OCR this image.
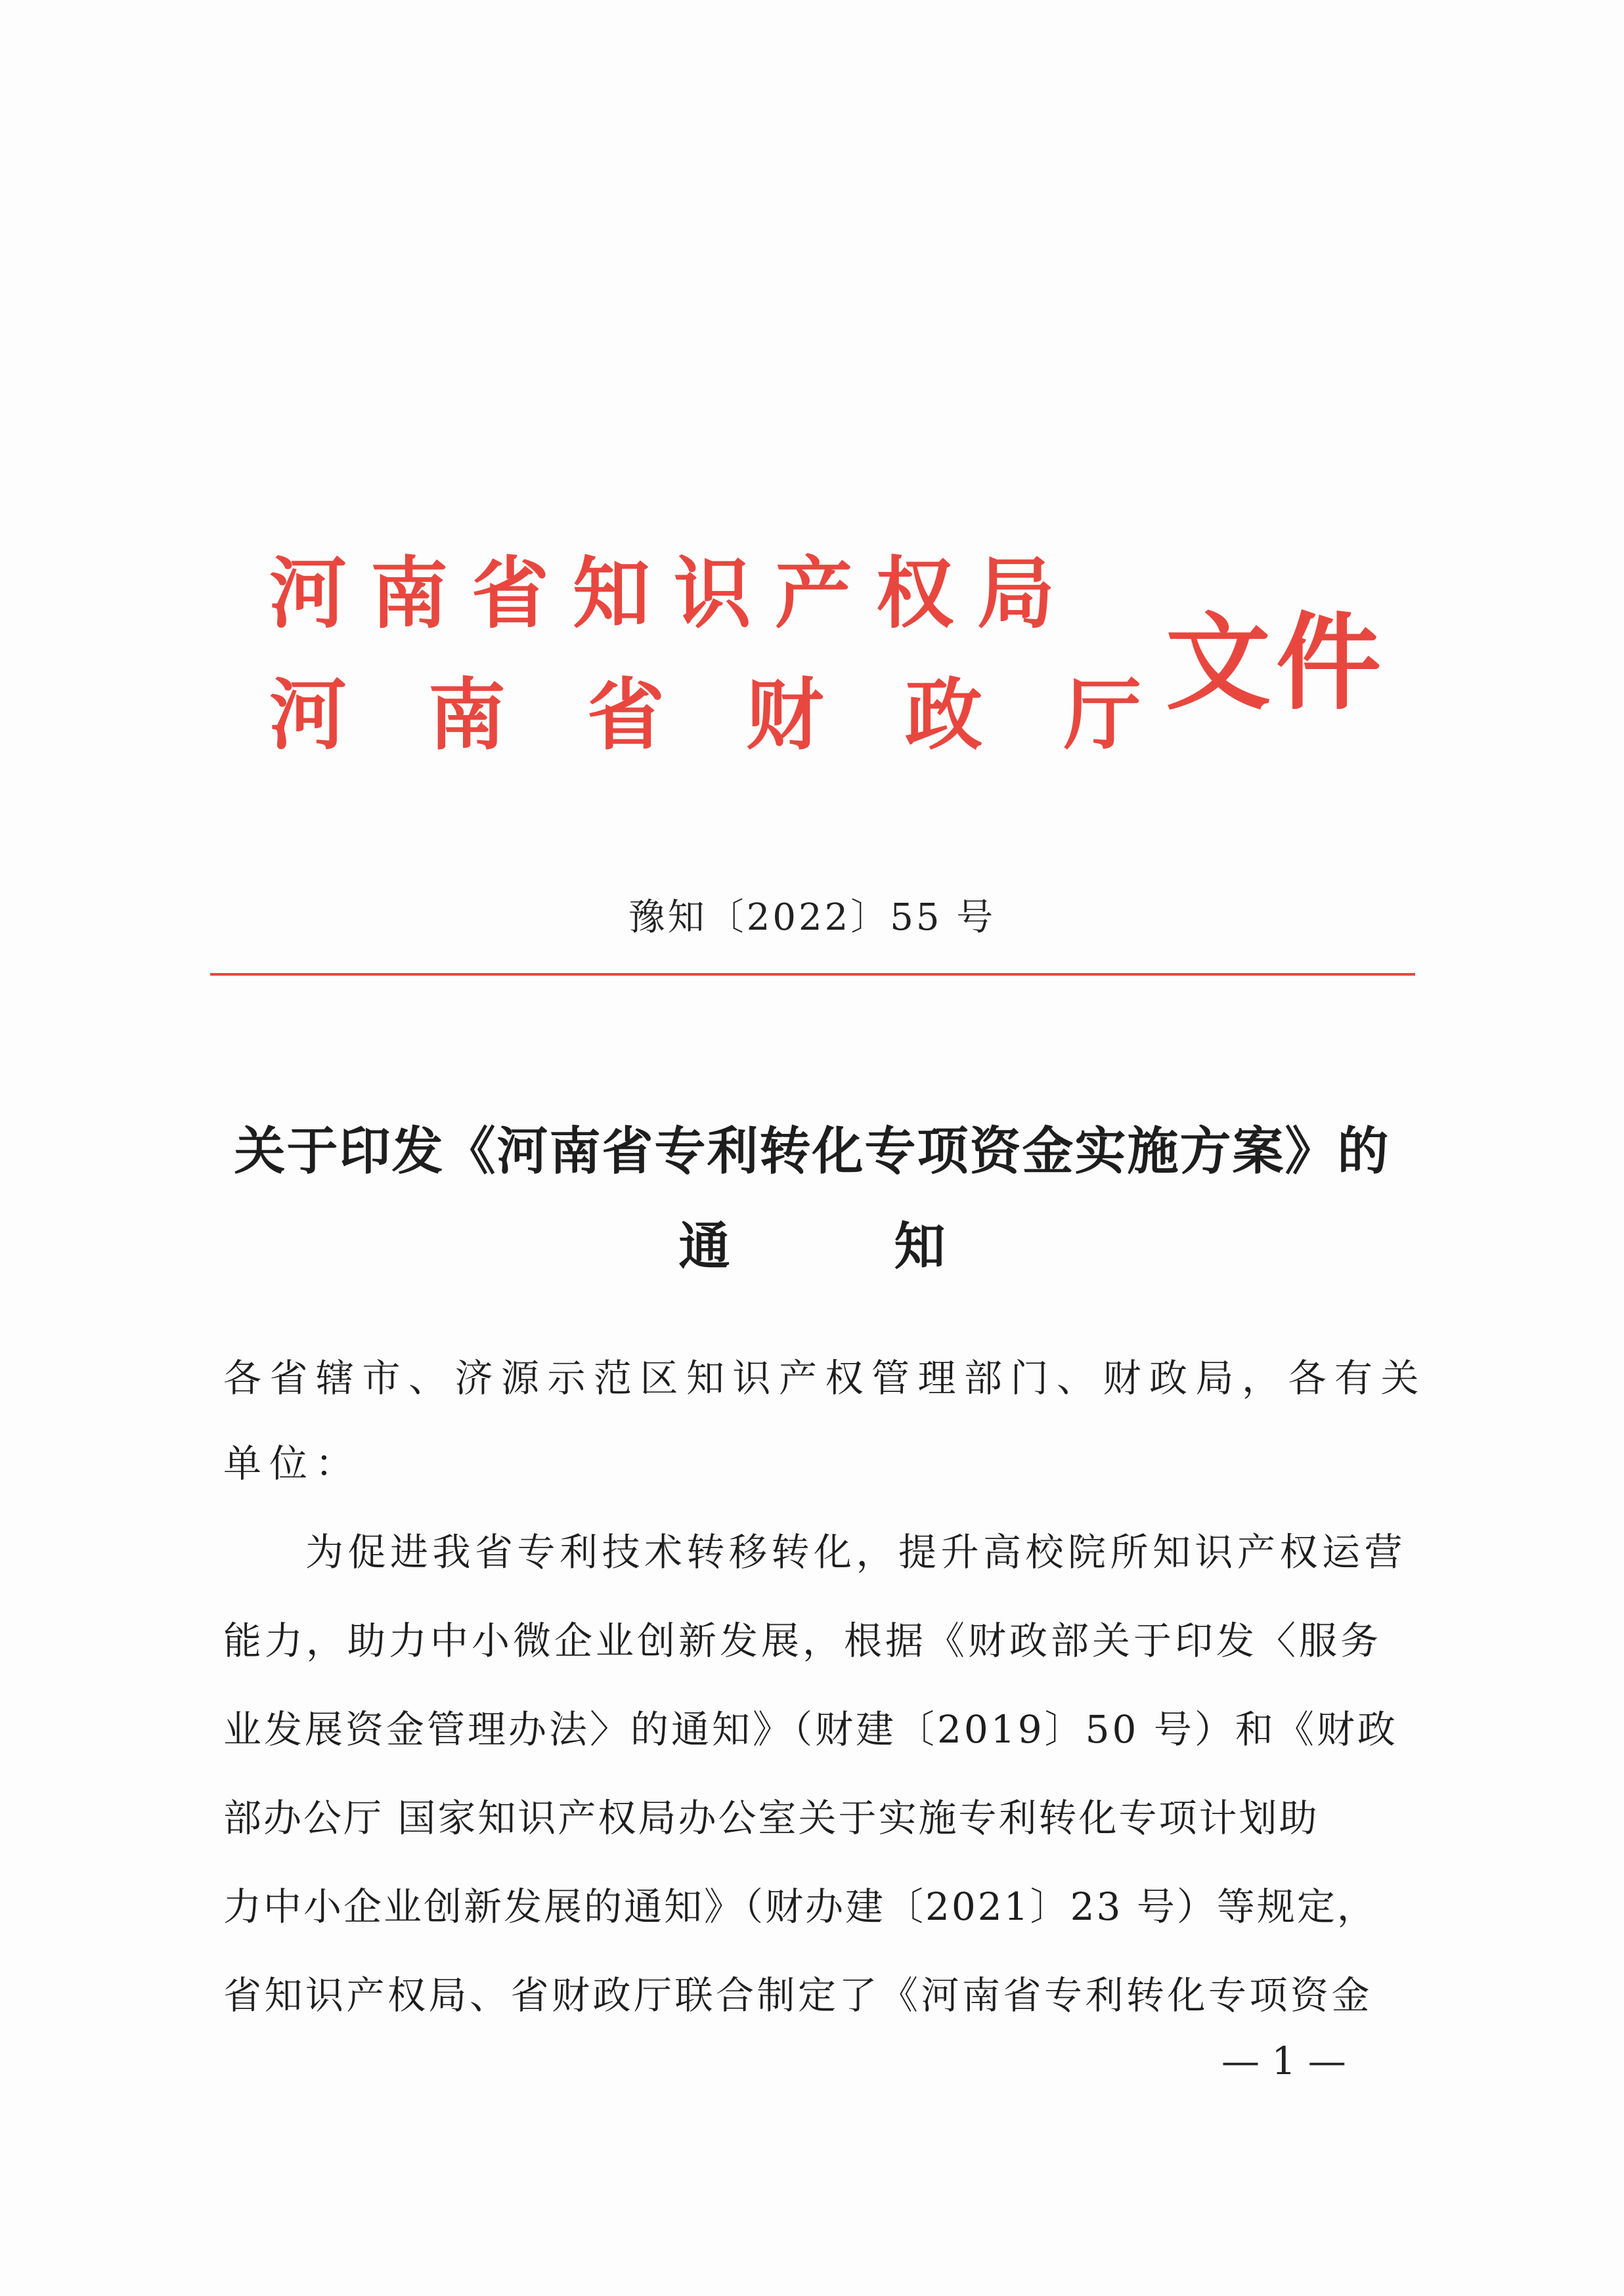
河南省知识产权局
河南省财政厅
文件
豫知〔2022〕55 号
关于印发《河南省专利转化专项资金实施方案》的
通知
各省辖市、济源示范区知识产权管理部门、财政局，各有关
单位：
为促进我省专利技术转移转化，提升高校院所知识产权运营
能力，助力中小微企业创新发展，根据《财政部关于印发〈服务
业发展资金管理办法〉的通知》（财建〔2019〕50 号）和《财政
部办公厅 国家知识产权局办公室关于实施专利转化专项计划助
力中小企业创新发展的通知》（财办建〔2021〕23 号）等规定，
省知识产权局、省财政厅联合制定了《河南省专利转化专项资金
— 1 —
